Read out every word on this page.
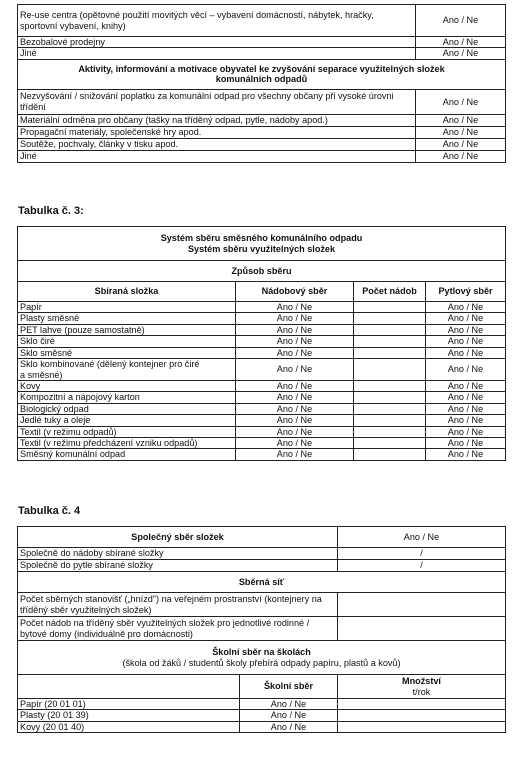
Re-use centra (opětovné použití movitých věcí – vybavení domácností, nábytek, hračky, sportovní vybavení, knihy)	Ano / Ne
Bezobalové prodejny	Ano / Ne
Jiné	Ano / Ne
Aktivity, informování a motivace obyvatel ke zvyšování separace využitelných složek komunálních odpadů	
Nezvyšování / snižování poplatku za komunální odpad pro všechny občany při vysoké úrovni třídění	Ano / Ne
Materiální odměna pro občany (tašky na tříděný odpad, pytle, nádoby apod.)	Ano / Ne
Propagační materiály, společenské hry apod.	Ano / Ne
Soutěže, pochvaly, články v tisku apod.	Ano / Ne
Jiné	Ano / Ne
Tabulka č. 3:
Systém sběru směsného komunálního odpadu
Systém sběru využitelných složek			

Způsob sběru			
Sbíraná složka	Nádobový sběr	Počet nádob	Pytlový sběr
Papír	Ano / Ne		Ano / Ne
Plasty směsné	Ano / Ne		Ano / Ne
PET lahve (pouze samostatně)	Ano / Ne		Ano / Ne
Sklo čiré	Ano / Ne		Ano / Ne
Sklo směsné	Ano / Ne		Ano / Ne
Sklo kombinované (dělený kontejner pro čiré a směsné)	Ano / Ne		Ano / Ne
Kovy	Ano / Ne		Ano / Ne
Kompozitní a nápojový karton	Ano / Ne		Ano / Ne
Biologický odpad	Ano / Ne		Ano / Ne
Jedlé tuky a oleje	Ano / Ne		Ano / Ne
Textil (v režimu odpadů)	Ano / Ne		Ano / Ne
Textil (v režimu předcházení vzniku odpadů)	Ano / Ne		Ano / Ne
Směsný komunální odpad	Ano / Ne		Ano / Ne
Tabulka č. 4
Společný sběr složek		Ano / Ne
Společně do nádoby sbírané složky		/
Společně do pytle sbírané složky		/
Sběrná síť		
Počet sběrných stanovišť („hnízd") na veřejném prostranství (kontejnery na tříděný sběr využitelných složek)		
Počet nádob na tříděný sběr využitelných složek pro jednotlivé rodinné / bytové domy (individuálně pro domácnosti)		

Školní sběr na školách
(škola od žáků / studentů školy přebírá odpady papíru, plastů a kovů)		

	Školní sběr	Množství
t/rok

Papír (20 01 01)	Ano / Ne	
Plasty (20 01 39)	Ano / Ne	
Kovy (20 01 40)	Ano / Ne	
